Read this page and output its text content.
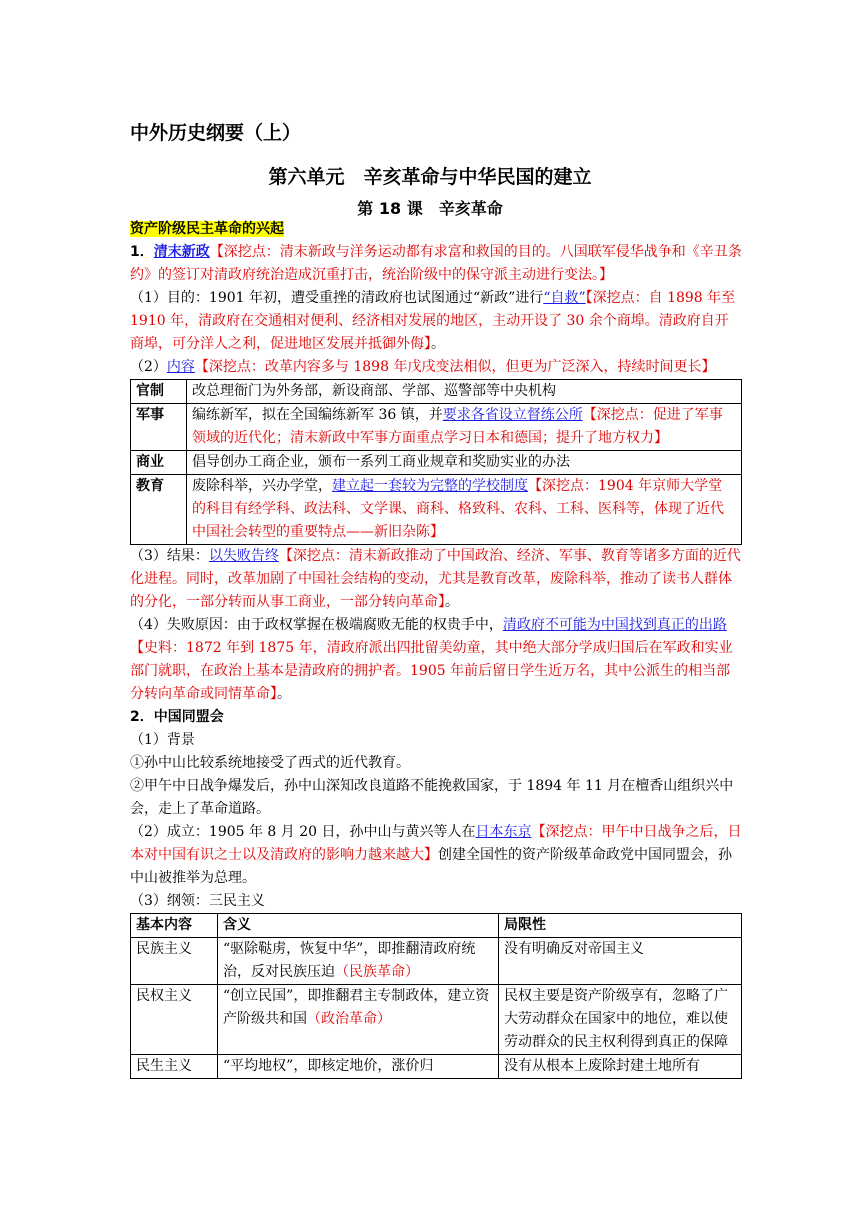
中外历史纲要（上）
第六单元　辛亥革命与中华民国的建立
第 18 课　辛亥革命

资产阶级民主革命的兴起

1．清末新政【深挖点：清末新政与洋务运动都有求富和救国的目的。八国联军侵华战争和《辛丑条约》的签订对清政府统治造成沉重打击，统治阶级中的保守派主动进行变法。】

（1）目的：1901 年初，遭受重挫的清政府也试图通过“新政”进行“自救”【深挖点：自 1898 年至 1910 年，清政府在交通相对便利、经济相对发展的地区，主动开设了 30 余个商埠。清政府自开商埠，可分洋人之利，促进地区发展并抵御外侮】。

（2）内容【深挖点：改革内容多与 1898 年戊戌变法相似，但更为广泛深入，持续时间更长】

官制	改总理衙门为外务部，新设商部、学部、巡警部等中央机构
军事	编练新军，拟在全国编练新军 36 镇，并要求各省设立督练公所【深挖点：促进了军事领域的近代化；清末新政中军事方面重点学习日本和德国；提升了地方权力】
商业	倡导创办工商企业，颁布一系列工商业规章和奖励实业的办法
教育	废除科举，兴办学堂，建立起一套较为完整的学校制度【深挖点：1904 年京师大学堂的科目有经学科、政法科、文学课、商科、格致科、农科、工科、医科等，体现了近代中国社会转型的重要特点——新旧杂陈】

（3）结果：以失败告终【深挖点：清末新政推动了中国政治、经济、军事、教育等诸多方面的近代化进程。同时，改革加剧了中国社会结构的变动，尤其是教育改革，废除科举，推动了读书人群体的分化，一部分转而从事工商业，一部分转向革命】。

（4）失败原因：由于政权掌握在极端腐败无能的权贵手中，清政府不可能为中国找到真正的出路【史料：1872 年到 1875 年，清政府派出四批留美幼童，其中绝大部分学成归国后在军政和实业部门就职，在政治上基本是清政府的拥护者。1905 年前后留日学生近万名，其中公派生的相当部分转向革命或同情革命】。

2．中国同盟会

（1）背景

①孙中山比较系统地接受了西式的近代教育。

②甲午中日战争爆发后，孙中山深知改良道路不能挽救国家，于 1894 年 11 月在檀香山组织兴中会，走上了革命道路。

（2）成立：1905 年 8 月 20 日，孙中山与黄兴等人在日本东京【深挖点：甲午中日战争之后，日本对中国有识之士以及清政府的影响力越来越大】创建全国性的资产阶级革命政党中国同盟会，孙中山被推举为总理。

（3）纲领：三民主义

基本内容	含义	局限性
民族主义	“驱除鞑虏，恢复中华”，即推翻清政府统治，反对民族压迫（民族革命）	没有明确反对帝国主义
民权主义	“创立民国”，即推翻君主专制政体，建立资产阶级共和国（政治革命）	民权主要是资产阶级享有，忽略了广大劳动群众在国家中的地位，难以使劳动群众的民主权利得到真正的保障
民生主义	“平均地权”，即核定地价，涨价归	没有从根本上废除封建土地所有
